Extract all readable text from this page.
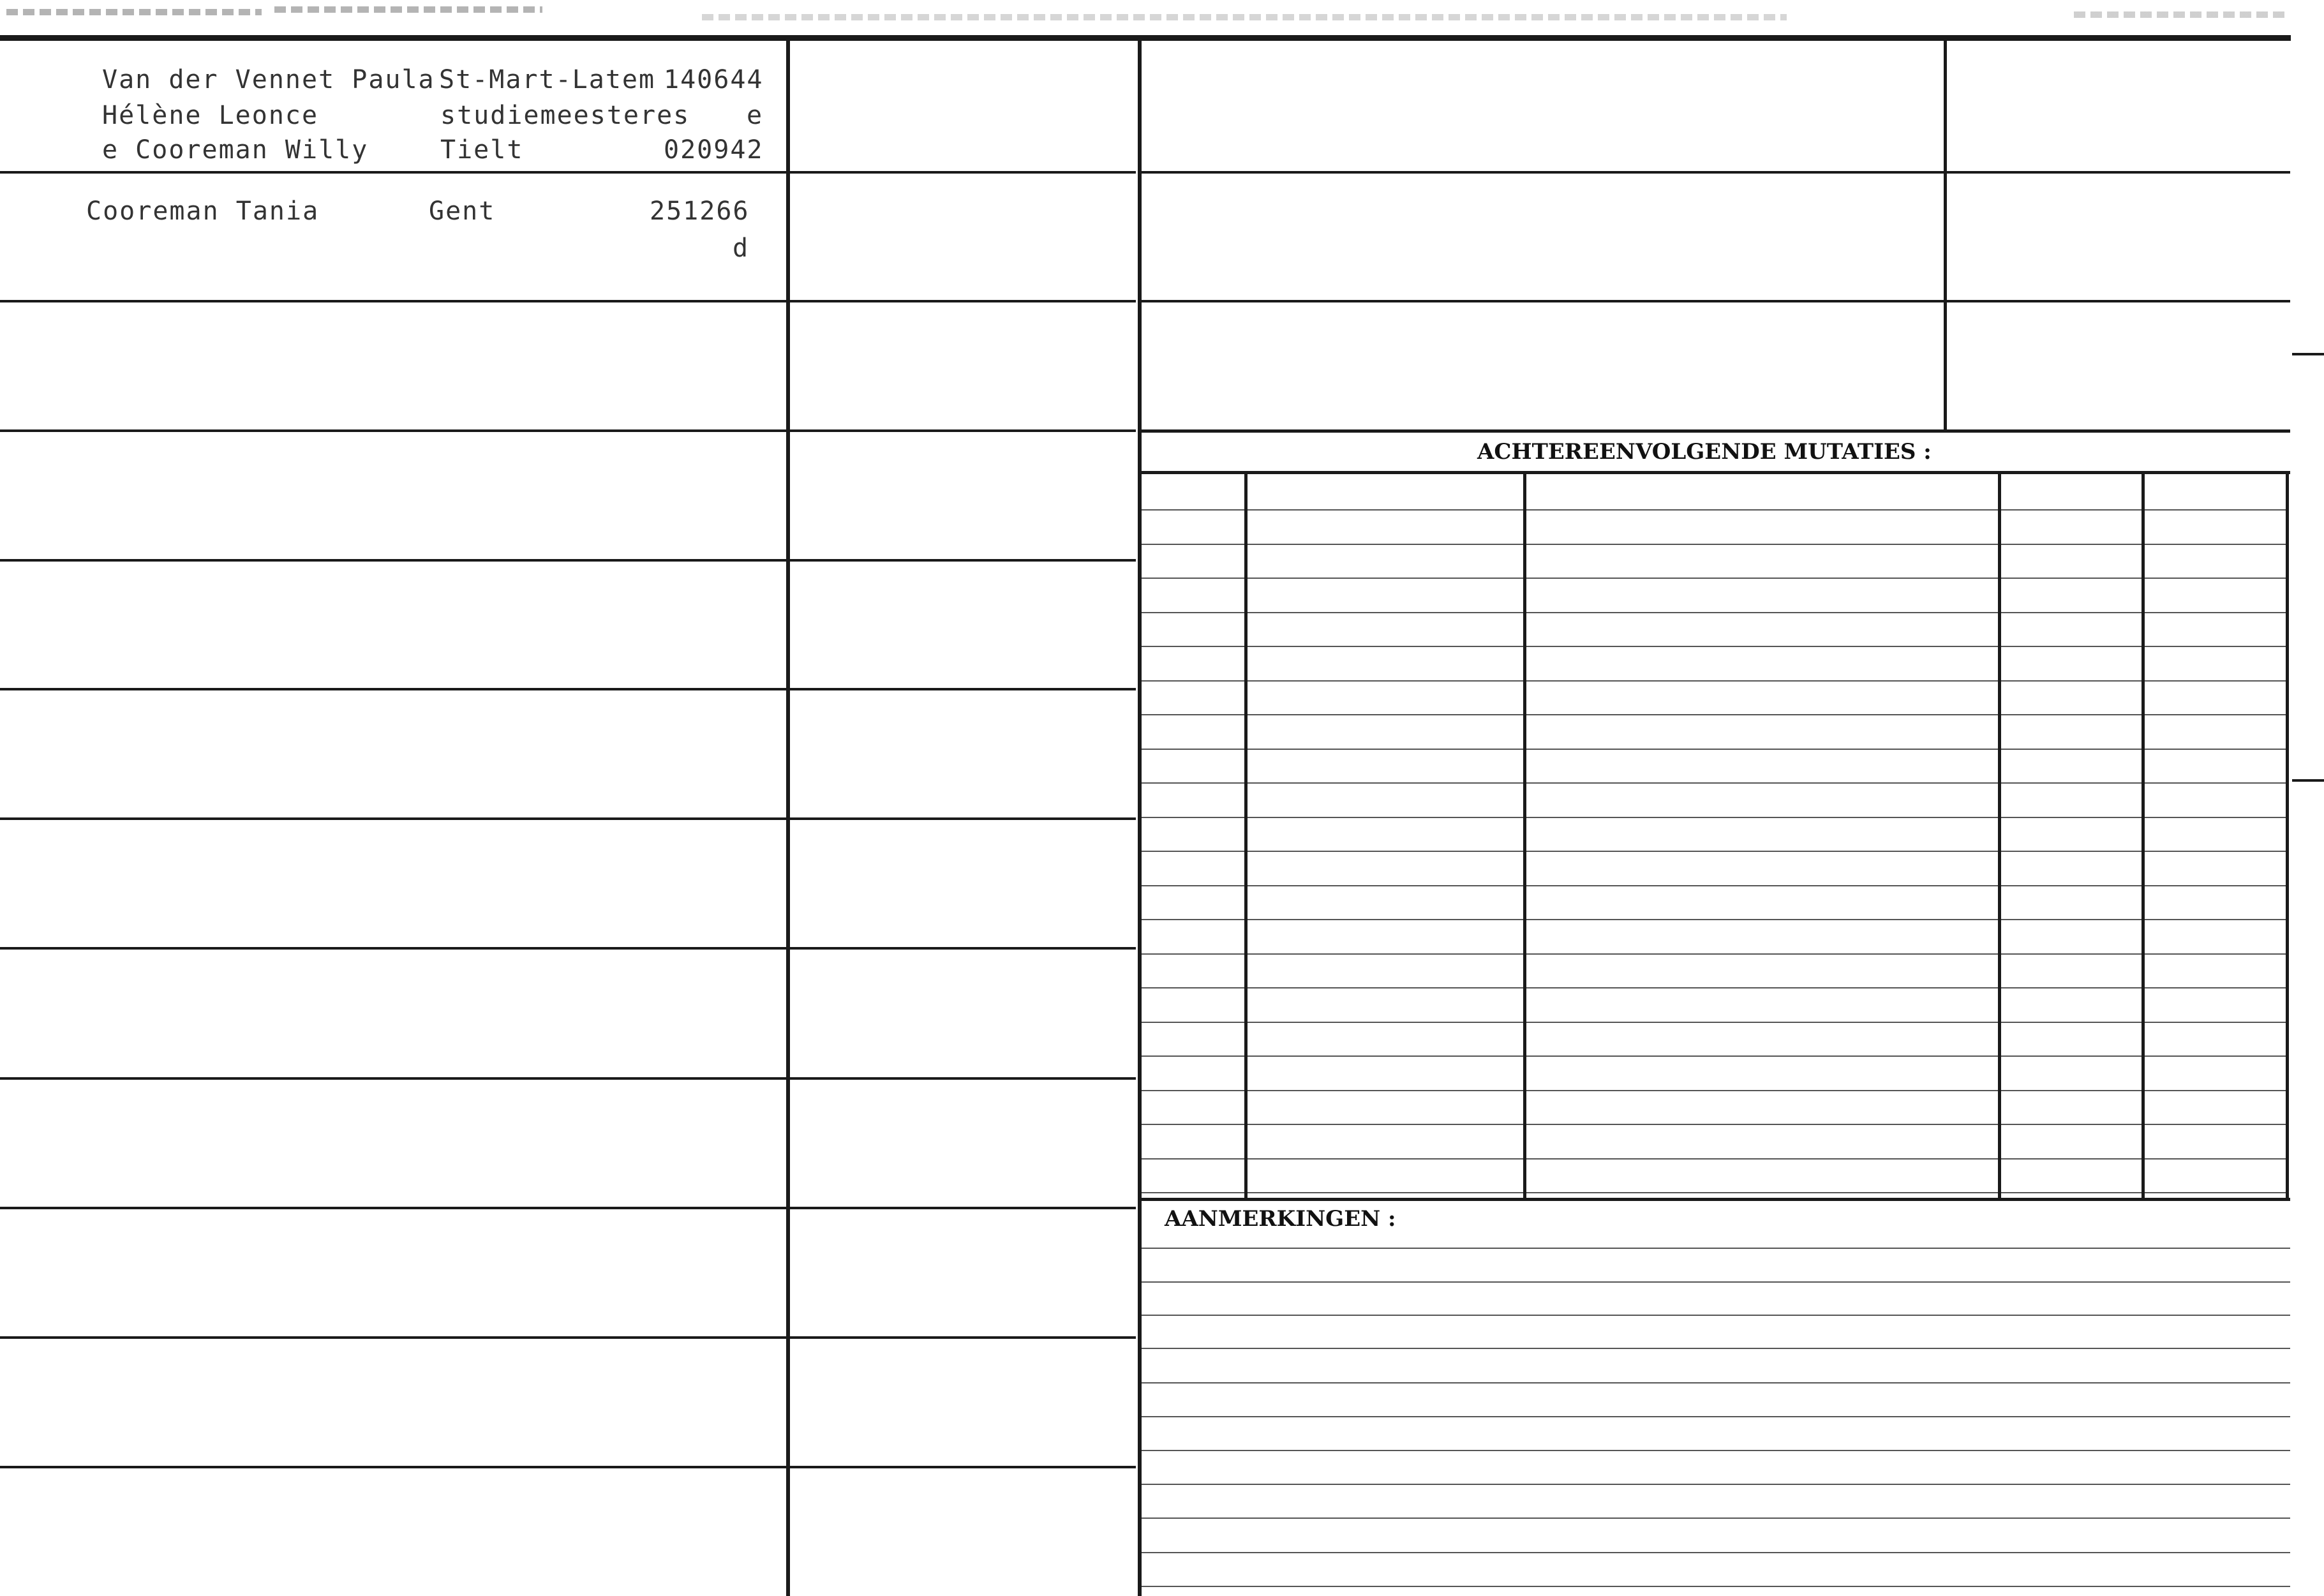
ACHTEREENVOLGENDE MUTATIES :
AANMERKINGEN :
Van der Vennet Paula
Hélène Leonce
e Cooreman Willy
St-Mart-Latem
studiemeesteres
Tielt
140644
e
020942
Cooreman Tania	Gent	251266
d
